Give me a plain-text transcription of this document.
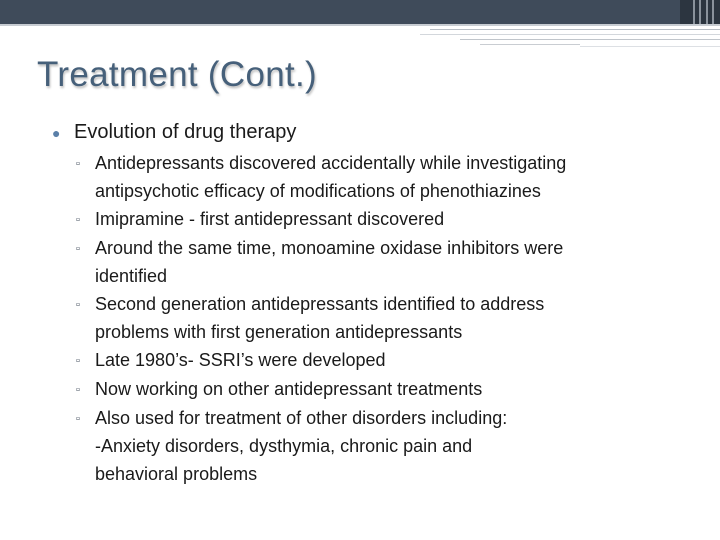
Treatment (Cont.)
● Evolution of drug therapy
▫ Antidepressants discovered accidentally while investigating
antipsychotic efficacy of modifications of phenothiazines
▫ Imipramine - first antidepressant discovered
▫ Around the same time, monoamine oxidase inhibitors were
identified
▫ Second generation antidepressants identified to address
problems with first generation antidepressants
▫ Late 1980’s- SSRI’s were developed
▫ Now working on other antidepressant treatments
▫ Also used for treatment of other disorders including:
-Anxiety disorders, dysthymia, chronic pain and
behavioral problems
